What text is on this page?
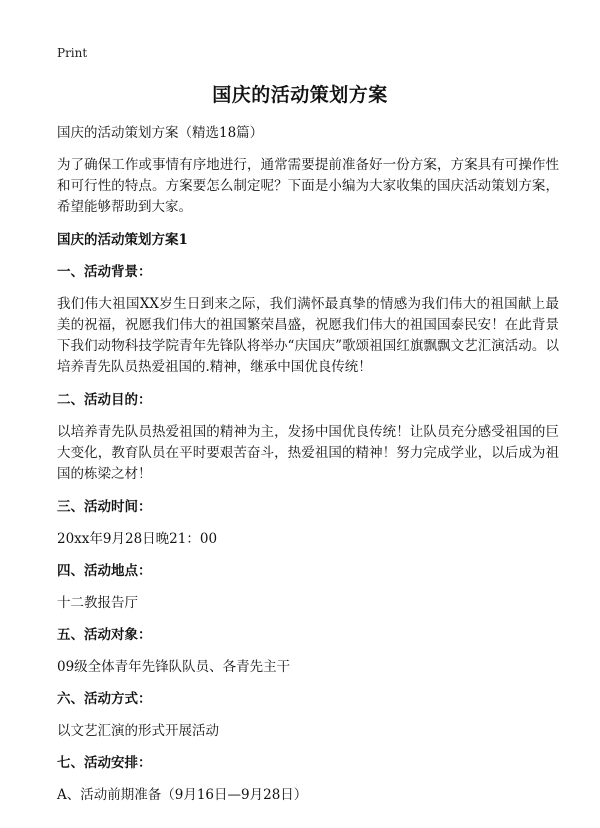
Print
国庆的活动策划方案
国庆的活动策划方案（精选18篇）
为了确保工作或事情有序地进行，通常需要提前准备好一份方案，方案具有可操作性和可行性的特点。方案要怎么制定呢？下面是小编为大家收集的国庆活动策划方案，希望能够帮助到大家。
国庆的活动策划方案1
一、活动背景：
我们伟大祖国XX岁生日到来之际，我们满怀最真挚的情感为我们伟大的祖国献上最美的祝福，祝愿我们伟大的祖国繁荣昌盛，祝愿我们伟大的祖国国泰民安！在此背景下我们动物科技学院青年先锋队将举办“庆国庆”歌颂祖国红旗飘飘文艺汇演活动。以培养青先队员热爱祖国的.精神，继承中国优良传统！
二、活动目的：
以培养青先队员热爱祖国的精神为主，发扬中国优良传统！让队员充分感受祖国的巨大变化，教育队员在平时要艰苦奋斗，热爱祖国的精神！努力完成学业，以后成为祖国的栋梁之材！
三、活动时间：
20xx年9月28日晚21：00
四、活动地点：
十二教报告厅
五、活动对象：
09级全体青年先锋队队员、各青先主干
六、活动方式：
以文艺汇演的形式开展活动
七、活动安排：
A、活动前期准备（9月16日—9月28日）
